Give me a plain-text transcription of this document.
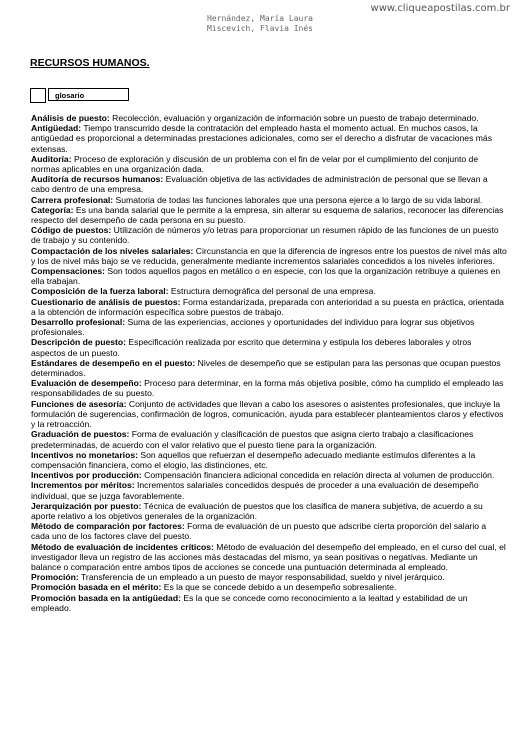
www.cliqueapostilas.com.br
Hernández, María Laura
Miscevich, Flavia Inés
RECURSOS HUMANOS.
glosario

Análisis de puesto: Recolección, evaluación y organización de información sobre un puesto de trabajo determinado.

Antigüedad: Tiempo transcurrido desde la contratación del empleado hasta el momento actual. En muchos casos, la antigüedad es proporcional a determinadas prestaciones adicionales, como ser el derecho a disfrutar de vacaciones más extensas.

Auditoría: Proceso de exploración y discusión de un problema con el fin de velar por el cumplimiento del conjunto de normas aplicables en una organización dada.

Auditoría de recursos humanos: Evaluación objetiva de las actividades de administración de personal que se llevan a cabo dentro de una empresa.

Carrera profesional: Sumatoria de todas las funciones laborales que una persona ejerce a lo largo de su vida laboral.

Categoría: Es una banda salarial que le permite a la empresa, sin alterar su esquema de salarios, reconocer las diferencias respecto del desempeño de cada persona en su puesto.

Código de puestos: Utilización de números y/o letras para proporcionar un resumen rápido de las funciones de un puesto de trabajo y su contenido.

Compactación de los niveles salariales: Circunstancia en que la diferencia de ingresos entre los puestos de nivel más alto y los de nivel más bajo se ve reducida, generalmente mediante incrementos salariales concedidos a los niveles inferiores.

Compensaciones: Son todos aquellos pagos en metálico o en especie, con los que la organización retribuye a quienes en ella trabajan.

Composición de la fuerza laboral: Estructura demográfica del personal de una empresa.

Cuestionario de análisis de puestos: Forma estandarizada, preparada con anterioridad a su puesta en práctica, orientada a la obtención de información específica sobre puestos de trabajo.

Desarrollo profesional: Suma de las experiencias, acciones y oportunidades del individuo para lograr sus objetivos profesionales.

Descripción de puesto: Especificación realizada por escrito que determina y estipula los deberes laborales y otros aspectos de un puesto.

Estándares de desempeño en el puesto: Niveles de desempeño que se estipulan para las personas que ocupan puestos determinados.

Evaluación de desempeño: Proceso para determinar, en la forma más objetiva posible, cómo ha cumplido el empleado las responsabilidades de su puesto.

Funciones de asesoría: Conjunto de actividades que llevan a cabo los asesores o asistentes profesionales, que incluye la formulación de sugerencias, confirmación de logros, comunicación, ayuda para establecer planteamientos claros y efectivos y la retroacción.

Graduación de puestos: Forma de evaluación y clasificación de puestos que asigna cierto trabajo a clasificaciones predeterminadas, de acuerdo con el valor relativo que el puesto tiene para la organización.

Incentivos no monetarios: Son aquellos que refuerzan el desempeño adecuado mediante estímulos diferentes a la compensación financiera, como el elogio, las distinciones, etc.

Incentivos por producción: Compensación financiera adicional concedida en relación directa al volumen de producción.

Incrementos por méritos: Incrementos salariales concedidos después de proceder a una evaluación de desempeño individual, que se juzga favorablemente.

Jerarquización por puesto: Técnica de evaluación de puestos que los clasifica de manera subjetiva, de acuerdo a su aporte relativo a los objetivos generales de la organización.

Método de comparación por factores: Forma de evaluación de un puesto que adscribe cierta proporción del salario a cada uno de los factores clave del puesto.

Método de evaluación de incidentes críticos: Método de evaluación del desempeño del empleado, en el curso del cual, el investigador lleva un registro de las acciones más destacadas del mismo, ya sean positivas o negativas. Mediante un balance o comparación entre ambos tipos de acciones se concede una puntuación determinada al empleado.

Promoción: Transferencia de un empleado a un puesto de mayor responsabilidad, sueldo y nivel jerárquico.

Promoción basada en el mérito: Es la que se concede debido a un desempeño sobresaliente.

Promoción basada en la antigüedad: Es la que se concede como reconocimiento a la lealtad y estabilidad de un empleado.
